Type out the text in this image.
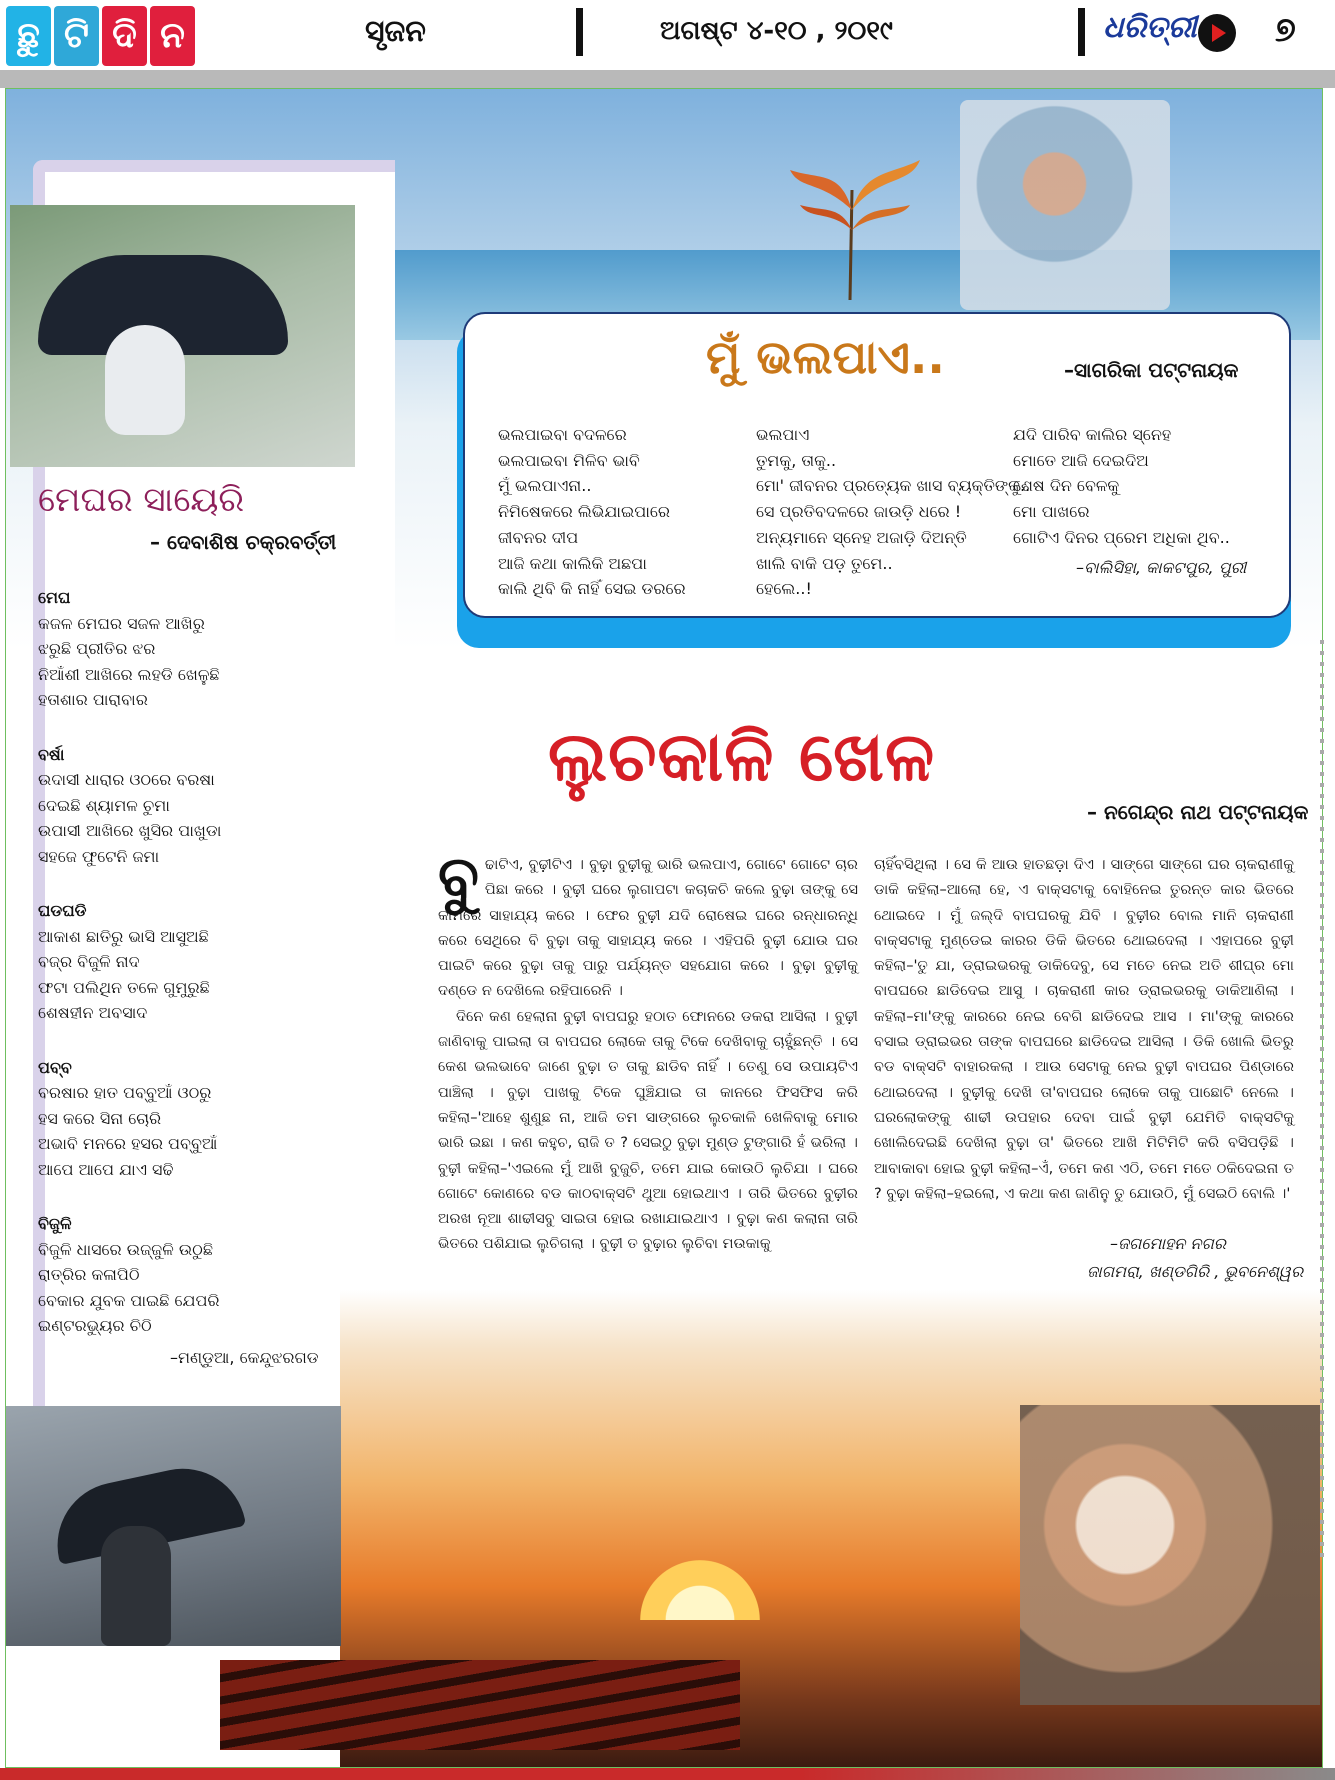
ଛୁ ଟି ଦି ନ	ସୃଜନ	ଅଗଷ୍ଟ ୪-୧୦ , ୨୦୧୯	ଧରିତ୍ରୀ ୭
ମେଘର ସାୟେରି
– ଦେବାଶିଷ ଚକ୍ରବର୍ତ୍ତୀ
ମେଘ
କଜଳ ମେଘର ସଜଳ ଆଖିରୁ
ଝରୁଛି ପ୍ରୀତିର ଝର
ନିଆଁଶୀ ଆଖିରେ ଲହଡି ଖେଳୁଛି
ହତାଶାର ପାରାବାର
ବର୍ଷା
ଉଦାସୀ ଧାରାର ଓଠରେ ବରଷା
ଦେଇଛି ଶ୍ୟାମଳ ଚୁମା
ଉପାସୀ ଆଖିରେ ଖୁସିର ପାଖୁଡା
ସହଜେ ଫୁଟେନି ଜମା
ଘଡଘଡି
ଆକାଶ ଛାତିରୁ ଭାସି ଆସୁଅଛି
ବଜ୍ର ବିଜୁଳି ନାଦ
ଫଟା ପଲିଥିନ ତଳେ ଗୁମୁରୁଛି
ଶେଷହୀନ ଅବସାଦ
ପବ୍ବ
ବରଷାର ହାତ ପବ୍ବୁଆଁ ଓଠରୁ
ହସ କରେ ସିନା ଚୋରି
ଅଭାବି ମନରେ ହସର ପବ୍ବୁଆଁ
ଆପେ ଆପେ ଯାଏ ସଢି
ବିଜୁଳି
ବିଜୁଳି ଧାସରେ ଉଜ୍ଜୁଳି ଉଠୁଛି
ରାତ୍ରିର କଳାପିଠି
ବେକାର ଯୁବକ ପାଇଛି ଯେପରି
ଇଣ୍ଟରଭ୍ୟୁର ଚିଠି
–ମଣ୍ଡୁଆ, କେନ୍ଦୁଝରଗଡ
ମୁଁ ଭଲପାଏ..	–ସାଗରିକା ପଟ୍ଟନାୟକ
ଭଲପାଇବା ବଦଳରେ
ଭଲପାଇବା ମିଳିବ ଭାବି
ମୁଁ ଭଲପାଏନା..
ନିମିଷେକରେ ଲିଭିଯାଇପାରେ
ଜୀବନର ଦୀପ
ଆଜି କଥା କାଲିକି ଅଛପା
କାଲି ଥିବି କି ନାହିଁ ସେଇ ଡରରେ
ଭଲପାଏ
ତୁମକୁ, ତାକୁ..
ମୋ' ଜୀବନର ପ୍ରତ୍ୟେକ ଖାସ ବ୍ୟକ୍ତିଙ୍କୁ..
ସେ ପ୍ରତିବଦଳରେ ଜାଉଡ଼ି ଧରେ !
ଅନ୍ୟମାନେ ସ୍ନେହ ଅଜାଡ଼ି ଦିଅନ୍ତି
ଖାଲି ବାକି ପଡ଼ ତୁମେ..
ହେଲେ..!
ଯଦି ପାରିବ କାଲିର ସ୍ନେହ
ମୋତେ ଆଜି ଦେଇଦିଅ
ଶେଷ ଦିନ ବେଳକୁ
ମୋ ପାଖରେ
ଗୋଟିଏ ଦିନର ପ୍ରେମ ଅଧିକା ଥିବ..
–ବାଲିସିହା, କାକଟପୁର, ପୁରୀ
ଲୁଚକାଳି ଖେଳ
– ନଗେନ୍ଦ୍ର ନାଥ ପଟ୍ଟନାୟକ

ବୁଢାଟିଏ, ବୁଢ଼ୀଟିଏ । ବୁଢ଼ା ବୁଢ଼ୀକୁ ଭାରି ଭଲପାଏ, ଗୋଟେ ଗୋଟେ ଚାର ପିଛା କରେ । ବୁଢ଼ୀ ଘରେ ଲୁଗାପଟା କଚାକଚି କଲେ ବୁଢ଼ା ତାଙ୍କୁ ସେ କାମରେ ସାହାଯ୍ୟ କରେ । ଫେର ବୁଢ଼ୀ ଯଦି ରୋଷେଇ ଘରେ ରନ୍ଧାରନ୍ଧି କରେ ସେଥିରେ ବି ବୁଢ଼ା ତାକୁ ସାହାଯ୍ୟ କରେ । ଏହିପରି ବୁଢ଼ୀ ଯୋଉ ଘର ପାଇଟି କରେ ବୁଢ଼ା ତାକୁ ପାରୁ ପର୍ଯ୍ୟନ୍ତ ସହଯୋଗ କରେ । ବୁଢ଼ା ବୁଢ଼ୀକୁ ଦଣ୍ଡେ ନ ଦେଖିଲେ ରହିପାରେନି ।

ଦିନେ କଣ ହେଲାନା ବୁଢ଼ୀ ବାପଘରୁ ହଠାତ ଫୋନରେ ଡକରା ଆସିଲା । ବୁଢ଼ୀ ଜାଣିବାକୁ ପାଇଲା ତା ବାପଘର ଲୋକେ ତାକୁ ଟିକେ ଦେଖିବାକୁ ଚାହୁଁଛନ୍ତି । ସେ କେଶ ଭଲଭାବେ ଜାଣେ ବୁଢ଼ା ତ ତାକୁ ଛାଡିବ ନାହିଁ । ତେଣୁ ସେ ଉପାୟଟିଏ ପାଞ୍ଚିଲା । ବୁଢ଼ା ପାଖକୁ ଟିକେ ଘୁଞ୍ଚିଯାଇ ତା କାନରେ ଫିସଫିସ କରି କହିଲା–'ଆହେ ଶୁଣୁଛ ନା, ଆଜି ତମ ସାଙ୍ଗରେ ଲୁଚକାଳି ଖେଳିବାକୁ ମୋର ଭାରି ଇଛା । କଣ କହୁଚ, ରାଜି ତ ? ସେଇଠୁ ବୁଢ଼ା ମୁଣ୍ଡ ଟୁଙ୍ଗାରି ହଁ ଭରିଲା । ବୁଢ଼ୀ କହିଲା–'ଏଇଲେ ମୁଁ ଆଖି ବୁଜୁଚି, ତମେ ଯାଇ କୋଉଠି ଲୁଚିଯା । ଘରେ ଗୋଟେ କୋଣରେ ବଡ କାଠବାକ୍ସଟି ଥୁଆ ହୋଇଥାଏ । ତାରି ଭିତରେ ବୁଢ଼ୀର ଅରଖ ନୂଆ ଶାଢୀସବୁ ସାଇତା ହୋଇ ରଖାଯାଇଥାଏ । ବୁଢ଼ା କଣ କଲାନା ତାରି ଭିତରେ ପଶିଯାଇ ଲୁଚିଗଲା । ବୁଢ଼ୀ ତ ବୁଢ଼ାର ଲୁଚିବା ମଉକାକୁ

ଚାହିଁବସିଥିଲା । ସେ କି ଆଉ ହାତଛଡ଼ା ଦିଏ । ସାଙ୍ଗେ ସାଙ୍ଗେ ଘର ଚାକରାଣୀକୁ ଡାକି କହିଲା–ଆଲୋ ହେ, ଏ ବାକ୍ସଟାକୁ ବୋହିନେଇ ତୁରନ୍ତ କାର ଭିତରେ ଥୋଇଦେ । ମୁଁ ଜଲ୍ଦି ବାପଘରକୁ ଯିବି । ବୁଢ଼ୀର ବୋଲ ମାନି ଚାକରାଣୀ ବାକ୍ସଟାକୁ ମୁଣ୍ଡେଇ କାରର ଡିକି ଭିତରେ ଥୋଇଦେଲା । ଏହାପରେ ବୁଢ଼ୀ କହିଲା–'ତୁ ଯା, ଡ୍ରାଇଭରକୁ ଡାକିଦେବୁ, ସେ ମତେ ନେଇ ଅତି ଶୀଘ୍ର ମୋ ବାପଘରେ ଛାଡିଦେଇ ଆସୁ । ଚାକରାଣୀ କାର ଡ୍ରାଇଭରକୁ ଡାକିଆଣିଲା । କହିଲା–ମା'ଙ୍କୁ କାରରେ ନେଇ ବେଗି ଛାଡିଦେଇ ଆସ । ମା'ଙ୍କୁ କାରରେ ବସାଇ ଡ୍ରାଇଭର ତାଙ୍କ ବାପଘରେ ଛାଡିଦେଇ ଆସିଲା । ଡିକି ଖୋଲି ଭିତରୁ ବଡ ବାକ୍ସଟି ବାହାରକଲା । ଆଉ ସେଟାକୁ ନେଇ ବୁଢ଼ୀ ବାପଘର ପିଣ୍ଡାରେ ଥୋଇଦେଲା । ବୁଢ଼ୀକୁ ଦେଖି ତା'ବାପଘର ଲୋକେ ତାକୁ ପାଛୋଟି ନେଲେ । ଘରଲୋକଙ୍କୁ ଶାଢୀ ଉପହାର ଦେବା ପାଇଁ ବୁଢ଼ୀ ଯେମିତି ବାକ୍ସଟିକୁ ଖୋଲିଦେଇଛି ଦେଖିଲା ବୁଢ଼ା ତା' ଭିତରେ ଆଖି ମିଟିମିଟି କରି ବସିପଡ଼ିଛି । ଆବାକାବା ହୋଇ ବୁଢ଼ୀ କହିଲା–ଏଁ, ତମେ କଣ ଏଠି, ତମେ ମତେ ଠକିଦେଇନା ତ ? ବୁଢ଼ା କହିଲା–ହଇଲୋ, ଏ କଥା କଣ ଜାଣିନୁ ତୁ ଯୋଉଠି, ମୁଁ ସେଇଠି ବୋଲି ।'

–ଜଗମୋହନ ନଗର
ଜାଗମରା, ଖଣ୍ଡଗିରି , ଭୁବନେଶ୍ୱର
